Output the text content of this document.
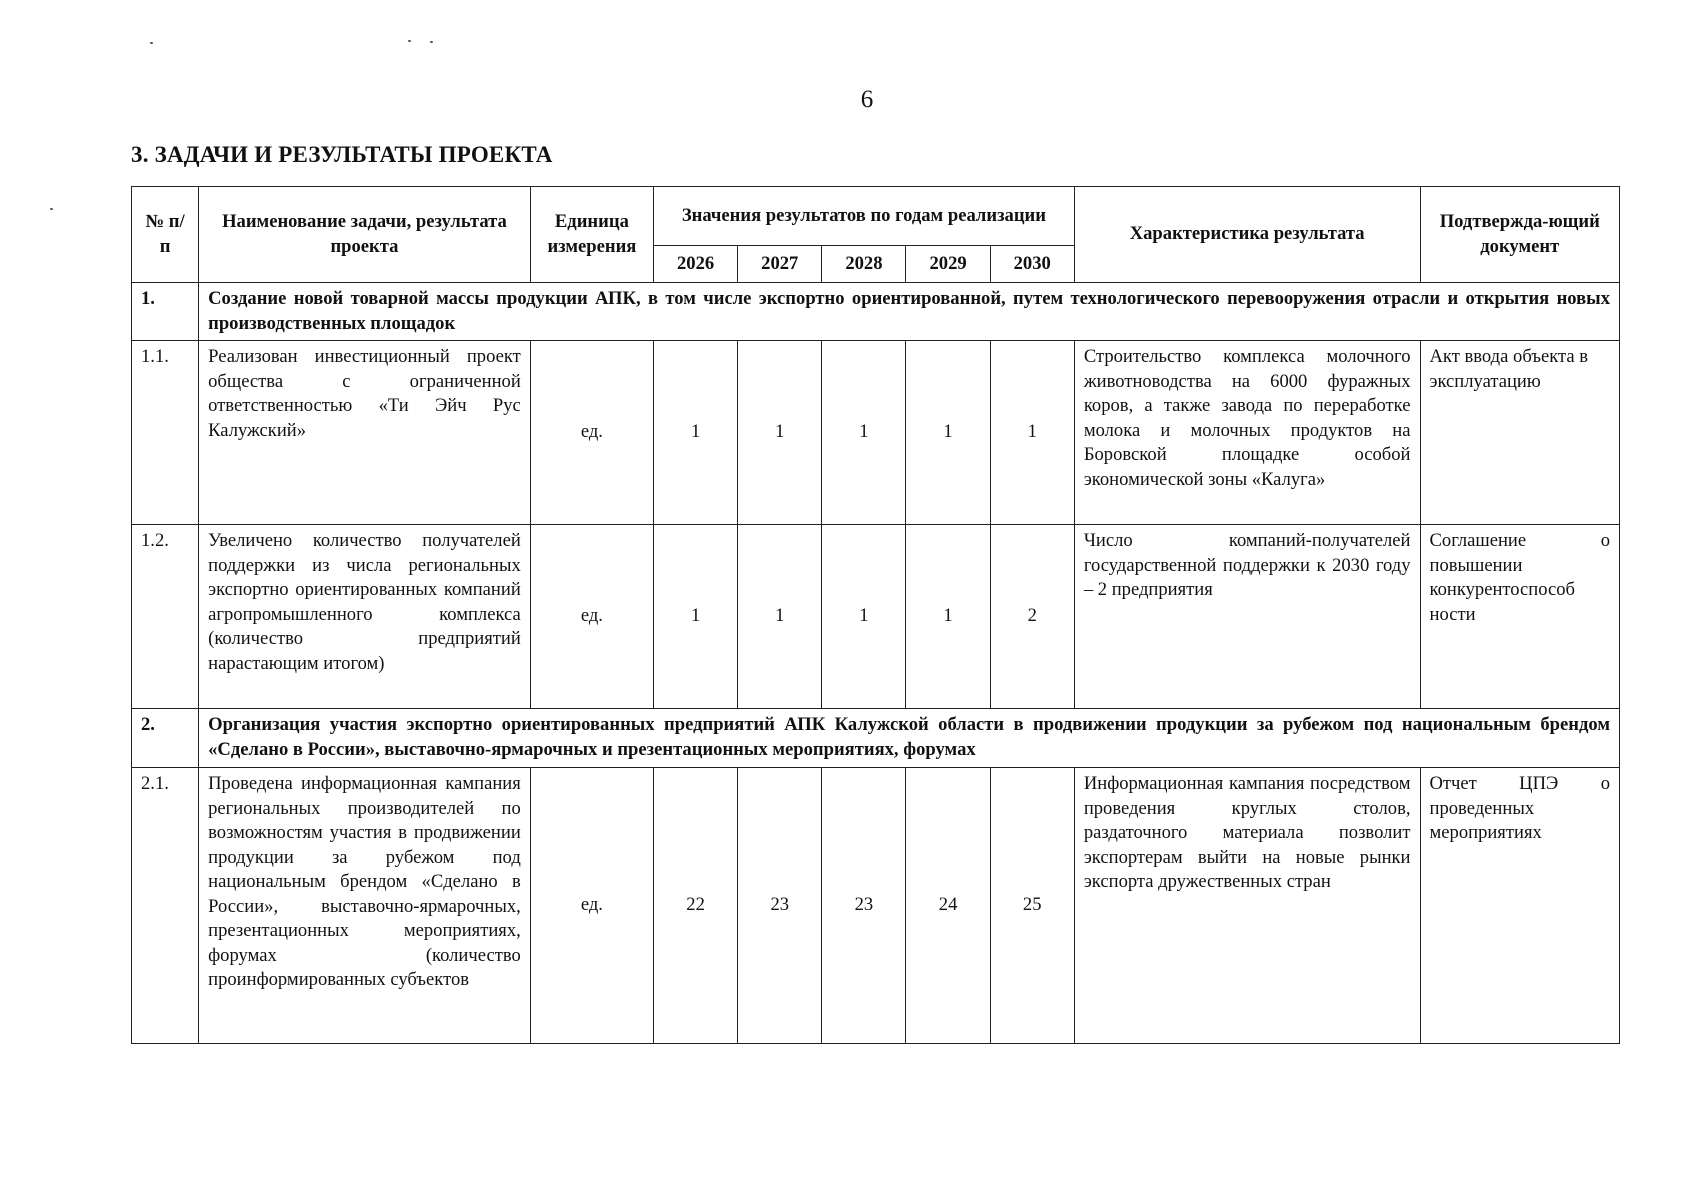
6
3. ЗАДАЧИ И РЕЗУЛЬТАТЫ ПРОЕКТА
№ п/п	Наименование задачи, результата проекта	Единица измерения	Значения результатов по годам реализации					Характеристика результата	Подтвержда-ющий документ
			2026	2027	2028	2029	2030		
1.	Создание новой товарной массы продукции АПК, в том числе экспортно ориентированной, путем технологического перевооружения отрасли и открытия новых производственных площадок								
1.1.	Реализован инвестиционный проект общества с ограниченной ответственностью «Ти Эйч Рус Калужский»	ед.	1	1	1	1	1	Строительство комплекса молочного животноводства на 6000 фуражных коров, а также завода по переработке молока и молочных продуктов на Боровской площадке особой экономической зоны «Калуга»	Акт ввода объекта в эксплуатацию
1.2.	Увеличено количество получателей поддержки из числа региональных экспортно ориентированных компаний агропромышленного комплекса (количество предприятий нарастающим итогом)	ед.	1	1	1	1	2	Число компаний-получателей государственной поддержки к 2030 году – 2 предприятия	Соглашение о повышении конкурентоспособ ности
2.	Организация участия экспортно ориентированных предприятий АПК Калужской области в продвижении продукции за рубежом под национальным брендом «Сделано в России», выставочно-ярмарочных и презентационных мероприятиях, форумах								
2.1.	Проведена информационная кампания региональных производителей по возможностям участия в продвижении продукции за рубежом под национальным брендом «Сделано в России», выставочно-ярмарочных, презентационных мероприятиях, форумах (количество проинформированных субъектов	ед.	22	23	23	24	25	Информационная кампания посредством проведения круглых столов, раздаточного материала позволит экспортерам выйти на новые рынки экспорта дружественных стран	Отчет ЦПЭ о проведенных мероприятиях
